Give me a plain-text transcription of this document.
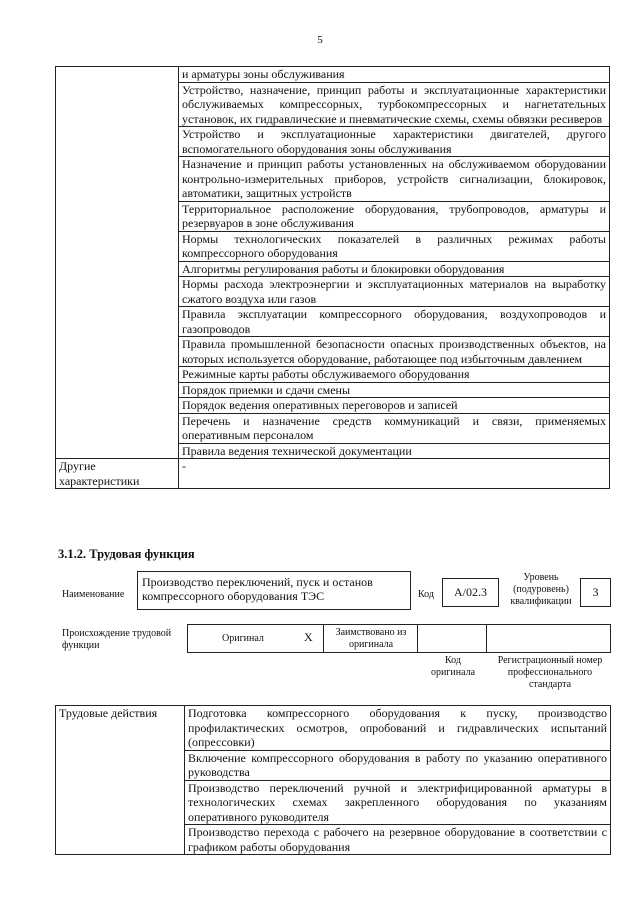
5
	и арматуры зоны обслуживания
	Устройство, назначение, принцип работы и эксплуатационные характеристики обслуживаемых компрессорных, турбокомпрессорных и нагнетательных установок, их гидравлические и пневматические схемы, схемы обвязки ресиверов
	Устройство и эксплуатационные характеристики двигателей, другого вспомогательного оборудования зоны обслуживания
	Назначение и принцип работы установленных на обслуживаемом оборудовании контрольно-измерительных приборов, устройств сигнализации, блокировок, автоматики, защитных устройств
	Территориальное расположение оборудования, трубопроводов, арматуры и резервуаров в зоне обслуживания
	Нормы технологических показателей в различных режимах работы компрессорного оборудования
	Алгоритмы регулирования работы и блокировки оборудования
	Нормы расхода электроэнергии и эксплуатационных материалов на выработку сжатого воздуха или газов
	Правила эксплуатации компрессорного оборудования, воздухопроводов и газопроводов
	Правила промышленной безопасности опасных производственных объектов, на которых используется оборудование, работающее под избыточным давлением
	Режимные карты работы обслуживаемого оборудования
	Порядок приемки и сдачи смены
	Порядок ведения оперативных переговоров и записей
	Перечень и назначение средств коммуникаций и связи, применяемых оперативным персоналом
	Правила ведения технической документации
Другие характеристики	-
3.1.2. Трудовая функция
Наименование
Производство переключений, пуск и останов компрессорного оборудования ТЭС	Код	A/02.3
Уровень (подуровень) квалификации
3
Происхождение трудовой функции
Оригинал	X	Заимствовано из оригинала
Код оригинала
Регистрационный номер профессионального стандарта
Трудовые действия	Подготовка компрессорного оборудования к пуску, производство профилактических осмотров, опробований и гидравлических испытаний (опрессовки)
Включение компрессорного оборудования в работу по указанию оперативного руководства
Производство переключений ручной и электрифицированной арматуры в технологических схемах закрепленного оборудования по указаниям оперативного руководителя
Производство перехода с рабочего на резервное оборудование в соответствии с графиком работы оборудования
